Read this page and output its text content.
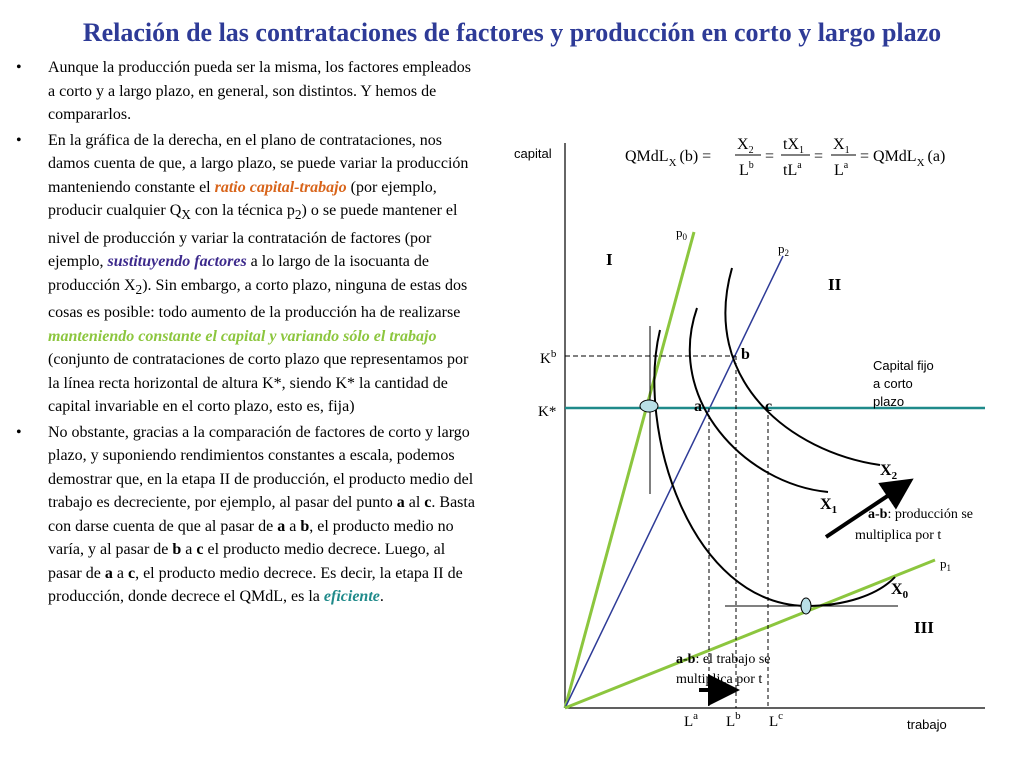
Relación de las contrataciones de factores y producción en corto y largo plazo
• Aunque la producción pueda ser la misma, los factores empleados a corto y a largo plazo, en general, son distintos. Y hemos de compararlos.
• En la gráfica de la derecha, en el plano de contrataciones, nos damos cuenta de que, a largo plazo, se puede variar la producción manteniendo constante el ratio capital-trabajo (por ejemplo, producir cualquier $Q_X$ con la técnica $p_2$) o se puede mantener el nivel de producción y variar la contratación de factores (por ejemplo, sustituyendo factores a lo largo de la isocuanta de producción $X_2$). Sin embargo, a corto plazo, ninguna de estas dos cosas es posible: todo aumento de la producción ha de realizarse manteniendo constante el capital y variando sólo el trabajo (conjunto de contrataciones de corto plazo que representamos por la línea recta horizontal de altura K*, siendo K* la cantidad de capital invariable en el corto plazo, esto es, fija)
• No obstante, gracias a la comparación de factores de corto y largo plazo, y suponiendo rendimientos constantes a escala, podemos demostrar que, en la etapa II de producción, el producto medio del trabajo es decreciente, por ejemplo, al pasar del punto a al c. Basta con darse cuenta de que al pasar de a a b, el producto medio no varía, y al pasar de b a c el producto medio decrece. Luego, al pasar de a a c, el producto medio decrece. Es decir, la etapa II de producción, donde decrece el QMdL, es la eficiente.
capital
trabajo
QMdL$_X$ (b) =
$X_2$
$L^b$
=
$tX_1$
$tL^a$
=
$X_1$
$L^a$
= QMdL$_X$ (a)
$p_0$
$p_2$
$p_1$
I
II
III
$K^b$
K*
$L^a$ $L^b$ $L^c$
a
b
c
$X_2$
$X_1$
$X_0$
Capital fijo
a corto
plazo
a-b: producción se
multiplica por t
a-b: el trabajo se
multiplica por t
